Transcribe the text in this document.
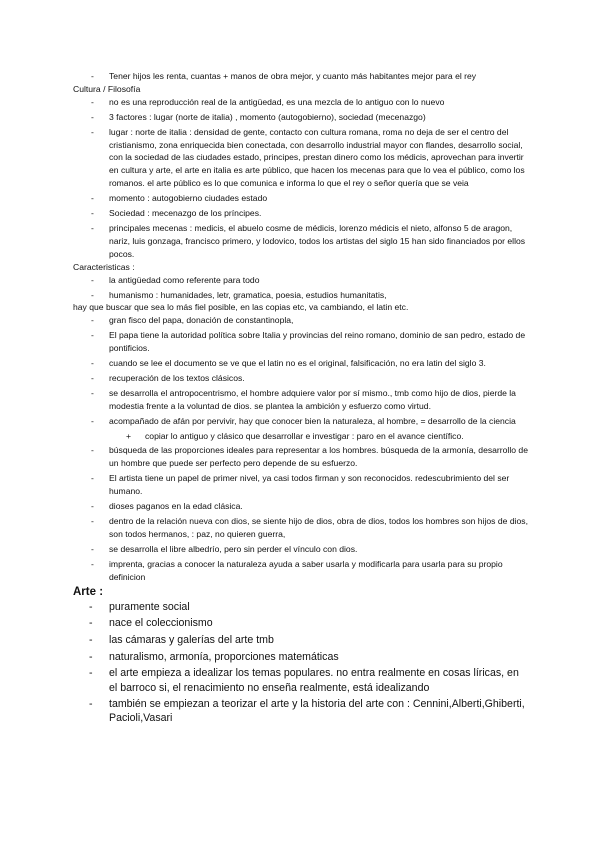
- Tener hijos les renta, cuantas + manos de obra mejor, y cuanto más habitantes mejor para el rey
Cultura / Filosofía
- no es una reproducción real de la antigüedad, es una mezcla de lo antiguo con lo nuevo
- 3 factores : lugar (norte de italia) , momento (autogobierno), sociedad (mecenazgo)
- lugar : norte de italia : densidad de gente, contacto con cultura romana, roma no deja de ser el centro del cristianismo, zona enriquecida bien conectada, con desarrollo industrial mayor con flandes, desarrollo social, con la sociedad de las ciudades estado, principes, prestan dinero como los médicis, aprovechan para invertir en cultura y arte, el arte en italia es arte público, que hacen los mecenas para que lo vea el público, como los romanos. el arte público es lo que comunica e informa lo que el rey o señor quería que se veia
- momento : autogobierno ciudades estado
- Sociedad : mecenazgo de los príncipes.
- principales mecenas : medicis, el abuelo cosme de médicis, lorenzo médicis el nieto, alfonso 5 de aragon, nariz, luis gonzaga, francisco primero, y lodovico, todos los artistas del siglo 15 han sido financiados por ellos pocos.
Caracteristicas :
- la antigüedad como referente para todo
- humanismo : humanidades, letr, gramatica, poesia, estudios humanitatis,
hay que buscar que sea lo más fiel posible, en las copias etc, va cambiando, el latin etc.
- gran fisco del papa, donación de constantinopla,
- El papa tiene la autoridad política sobre Italia y provincias del reino romano, dominio de san pedro, estado de pontificios.
- cuando se lee el documento se ve que el latin no es el original, falsificación, no era latin del siglo 3.
- recuperación de los textos clásicos.
- se desarrolla el antropocentrismo, el hombre adquiere valor por sí mismo., tmb como hijo de dios, pierde la modestia frente a la voluntad de dios. se plantea la ambición y esfuerzo como virtud.
- acompañado de afán por pervivir, hay que conocer bien la naturaleza, al hombre, = desarrollo de la ciencia
+ copiar lo antiguo y clásico que desarrollar e investigar : paro en el avance científico.
- búsqueda de las proporciones ideales para representar a los hombres. búsqueda de la armonía, desarrollo de un hombre que puede ser perfecto pero depende de su esfuerzo.
- El artista tiene un papel de primer nivel, ya casi todos firman y son reconocidos. redescubrimiento del ser humano.
- dioses paganos en la edad clásica.
- dentro de la relación nueva con dios, se siente hijo de dios, obra de dios, todos los hombres son hijos de dios, son todos hermanos, : paz, no quieren guerra,
- se desarrolla el libre albedrío, pero sin perder el vínculo con dios.
- imprenta, gracias a conocer la naturaleza ayuda a saber usarla y modificarla para usarla para su propio definicion
Arte :
- puramente social
- nace el coleccionismo
- las cámaras y galerías del arte tmb
- naturalismo, armonía, proporciones matemáticas
- el arte empieza a idealizar los temas populares. no entra realmente en cosas líricas, en el barroco si, el renacimiento no enseña realmente, está idealizando
- también se empiezan a teorizar el arte y la historia del arte con : Cennini,Alberti,Ghiberti, Pacioli,Vasari
